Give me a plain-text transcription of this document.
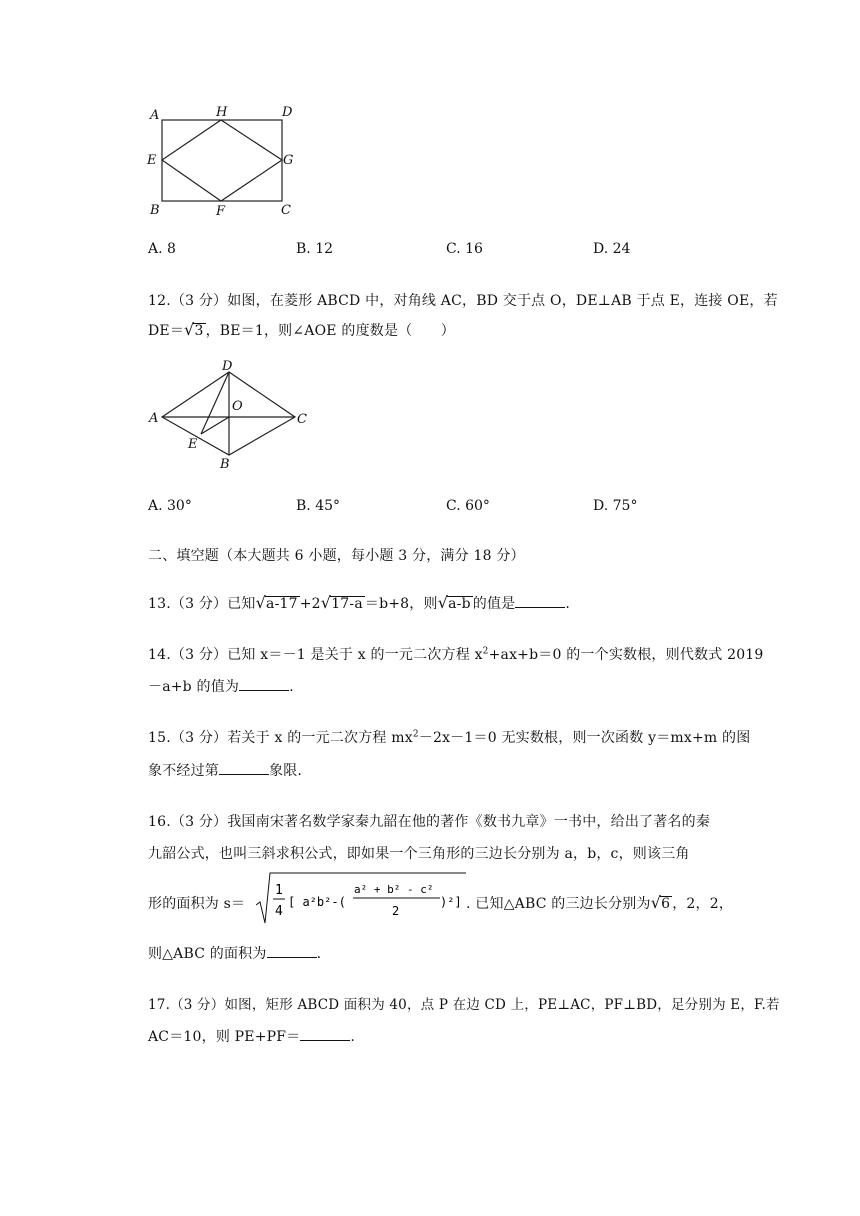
A	H	D
E	G
B	F	C
A. 8	B. 12	C. 16	D. 24
12.（3 分）如图，在菱形 ABCD 中，对角线 AC，BD 交于点 O，DE⊥AB 于点 E，连接 OE，若
DE＝√3 ，BE＝1，则∠AOE 的度数是（　　）
D
O
A	C
E
B
A. 30°	B. 45°	C. 60°	D. 75°
二、填空题（本大题共 6 小题，每小题 3 分，满分 18 分）
13.（3 分）已知√a-17 +2√17-a ＝b+8，则√a-b 的值是	.
14.（3 分）已知 x＝－1 是关于 x 的一元二次方程 $x^2+ax+b=0$ 的一个实数根，则代数式 2019
－a+b 的值为	.
15.（3 分）若关于 x 的一元二次方程 $mx^2-2x-1=0$ 无实数根，则一次函数 y＝mx+m 的图
象不经过第	象限.
16.（3 分）我国南宋著名数学家秦九韶在他的著作《数书九章》一书中，给出了著名的秦
九韶公式，也叫三斜求积公式，即如果一个三角形的三边长分别为 a，b，c，则该三角
形的面积为 s＝
1
4
[ a²b²-(
a² + b² - c²
2
)²] . 已知△ABC 的三边长分别为√6 ，2，2，
则△ABC 的面积为	.
17.（3 分）如图，矩形 ABCD 面积为 40，点 P 在边 CD 上，PE⊥AC，PF⊥BD，足分别为 E，F.若
AC＝10，则 PE+PF＝	.
